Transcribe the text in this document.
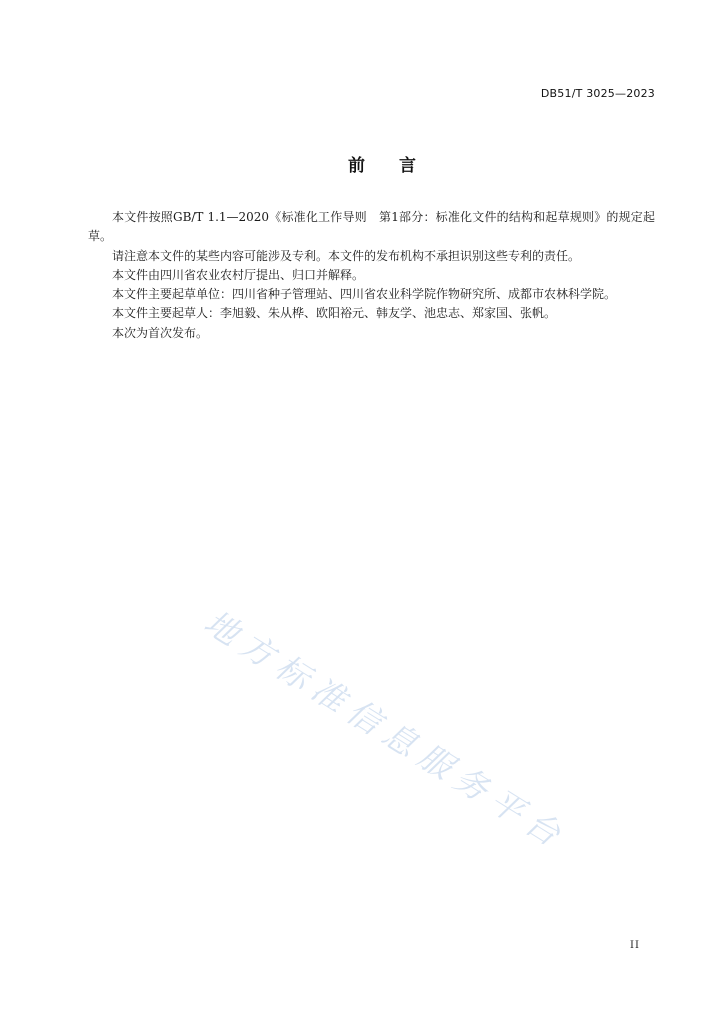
DB51/T 3025—2023
前　　言

本文件按照GB/T 1.1—2020《标准化工作导则　第1部分：标准化文件的结构和起草规则》的规定起草。

请注意本文件的某些内容可能涉及专利。本文件的发布机构不承担识别这些专利的责任。

本文件由四川省农业农村厅提出、归口并解释。

本文件主要起草单位：四川省种子管理站、四川省农业科学院作物研究所、成都市农林科学院。

本文件主要起草人：李旭毅、朱从桦、欧阳裕元、韩友学、池忠志、郑家国、张帆。

本次为首次发布。

地方标准信息服务平台
II
